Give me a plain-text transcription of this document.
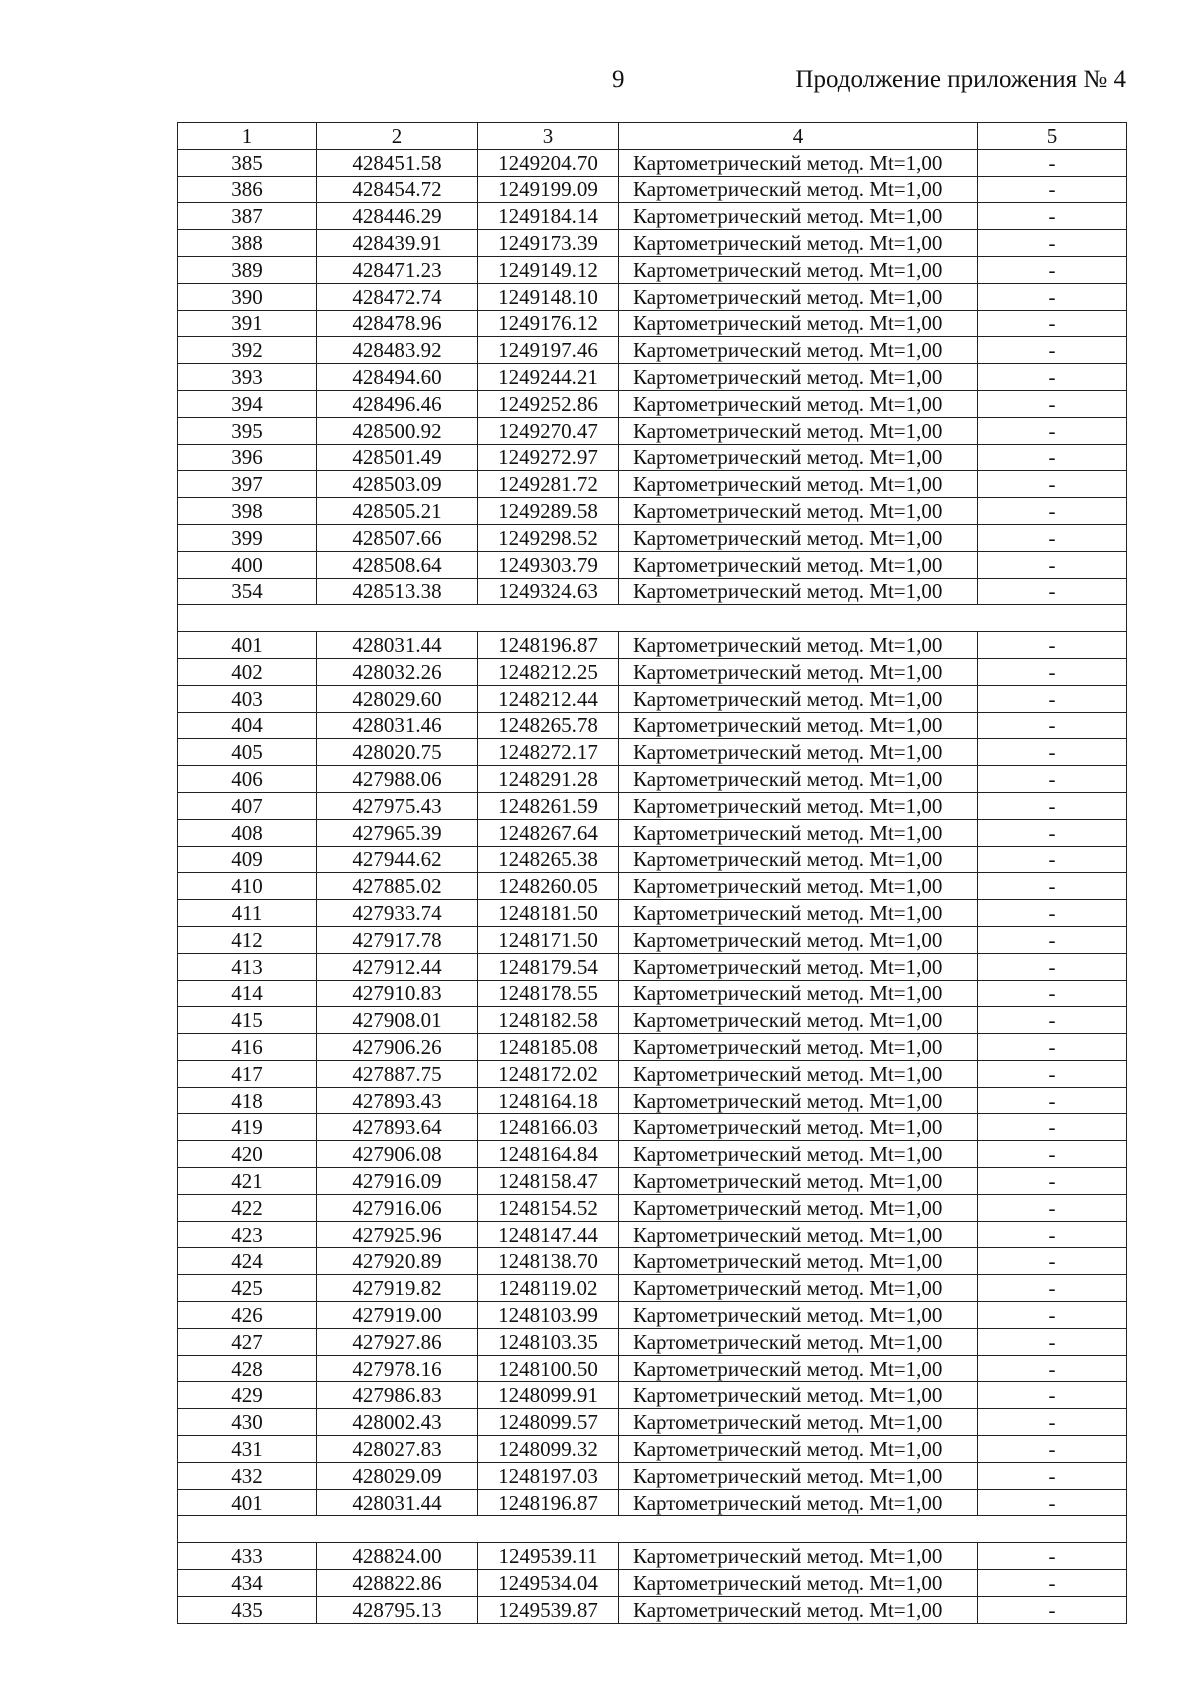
9	Продолжение приложения № 4
1	2	3	4	5
385	428451.58	1249204.70	Картометрический метод. Mt=1,00	-
386	428454.72	1249199.09	Картометрический метод. Mt=1,00	-
387	428446.29	1249184.14	Картометрический метод. Mt=1,00	-
388	428439.91	1249173.39	Картометрический метод. Mt=1,00	-
389	428471.23	1249149.12	Картометрический метод. Mt=1,00	-
390	428472.74	1249148.10	Картометрический метод. Mt=1,00	-
391	428478.96	1249176.12	Картометрический метод. Mt=1,00	-
392	428483.92	1249197.46	Картометрический метод. Mt=1,00	-
393	428494.60	1249244.21	Картометрический метод. Mt=1,00	-
394	428496.46	1249252.86	Картометрический метод. Mt=1,00	-
395	428500.92	1249270.47	Картометрический метод. Mt=1,00	-
396	428501.49	1249272.97	Картометрический метод. Mt=1,00	-
397	428503.09	1249281.72	Картометрический метод. Mt=1,00	-
398	428505.21	1249289.58	Картометрический метод. Mt=1,00	-
399	428507.66	1249298.52	Картометрический метод. Mt=1,00	-
400	428508.64	1249303.79	Картометрический метод. Mt=1,00	-
354	428513.38	1249324.63	Картометрический метод. Mt=1,00	-

401	428031.44	1248196.87	Картометрический метод. Mt=1,00	-
402	428032.26	1248212.25	Картометрический метод. Mt=1,00	-
403	428029.60	1248212.44	Картометрический метод. Mt=1,00	-
404	428031.46	1248265.78	Картометрический метод. Mt=1,00	-
405	428020.75	1248272.17	Картометрический метод. Mt=1,00	-
406	427988.06	1248291.28	Картометрический метод. Mt=1,00	-
407	427975.43	1248261.59	Картометрический метод. Mt=1,00	-
408	427965.39	1248267.64	Картометрический метод. Mt=1,00	-
409	427944.62	1248265.38	Картометрический метод. Mt=1,00	-
410	427885.02	1248260.05	Картометрический метод. Mt=1,00	-
411	427933.74	1248181.50	Картометрический метод. Mt=1,00	-
412	427917.78	1248171.50	Картометрический метод. Mt=1,00	-
413	427912.44	1248179.54	Картометрический метод. Mt=1,00	-
414	427910.83	1248178.55	Картометрический метод. Mt=1,00	-
415	427908.01	1248182.58	Картометрический метод. Mt=1,00	-
416	427906.26	1248185.08	Картометрический метод. Mt=1,00	-
417	427887.75	1248172.02	Картометрический метод. Mt=1,00	-
418	427893.43	1248164.18	Картометрический метод. Mt=1,00	-
419	427893.64	1248166.03	Картометрический метод. Mt=1,00	-
420	427906.08	1248164.84	Картометрический метод. Mt=1,00	-
421	427916.09	1248158.47	Картометрический метод. Mt=1,00	-
422	427916.06	1248154.52	Картометрический метод. Mt=1,00	-
423	427925.96	1248147.44	Картометрический метод. Mt=1,00	-
424	427920.89	1248138.70	Картометрический метод. Mt=1,00	-
425	427919.82	1248119.02	Картометрический метод. Mt=1,00	-
426	427919.00	1248103.99	Картометрический метод. Mt=1,00	-
427	427927.86	1248103.35	Картометрический метод. Mt=1,00	-
428	427978.16	1248100.50	Картометрический метод. Mt=1,00	-
429	427986.83	1248099.91	Картометрический метод. Mt=1,00	-
430	428002.43	1248099.57	Картометрический метод. Mt=1,00	-
431	428027.83	1248099.32	Картометрический метод. Mt=1,00	-
432	428029.09	1248197.03	Картометрический метод. Mt=1,00	-
401	428031.44	1248196.87	Картометрический метод. Mt=1,00	-

433	428824.00	1249539.11	Картометрический метод. Mt=1,00	-
434	428822.86	1249534.04	Картометрический метод. Mt=1,00	-
435	428795.13	1249539.87	Картометрический метод. Mt=1,00	-
